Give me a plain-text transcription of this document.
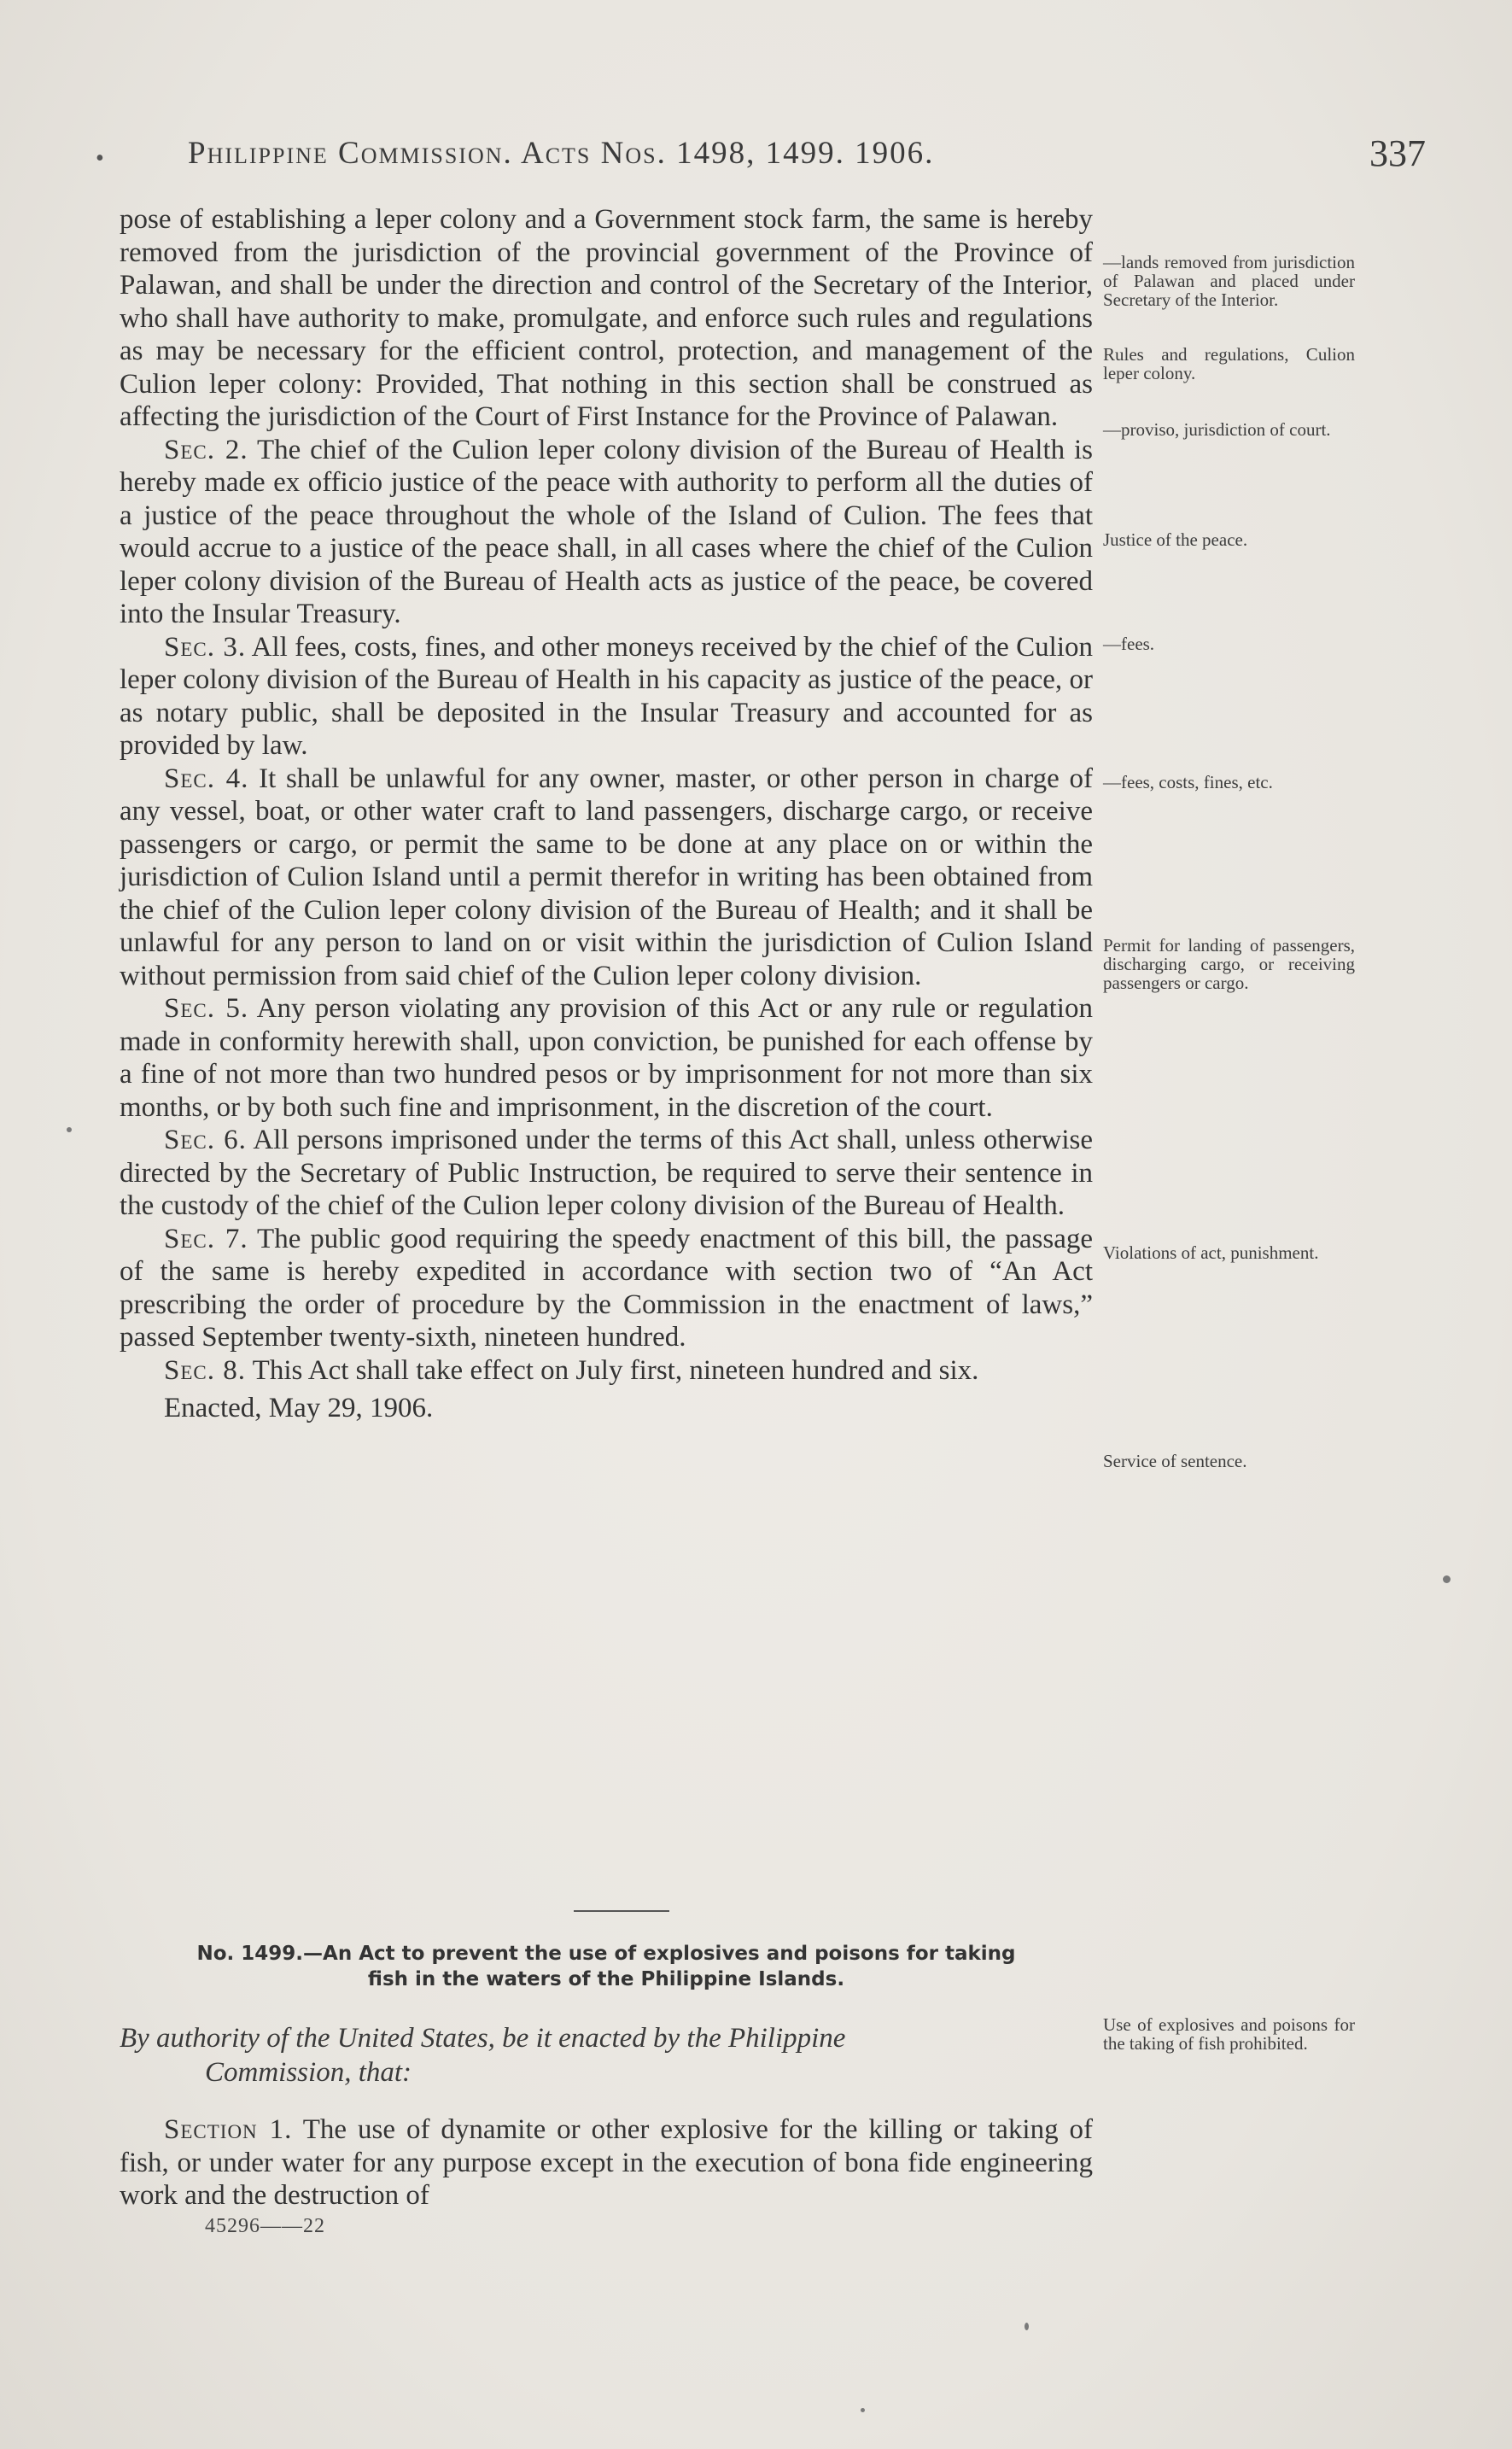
•	Philippine Commission. Acts Nos. 1498, 1499. 1906.	337

pose of establishing a leper colony and a Government stock farm, the same is hereby removed from the jurisdiction of the provincial government of the Province of Palawan, and shall be under the direction and control of the Secretary of the Interior, who shall have authority to make, promulgate, and enforce such rules and regulations as may be necessary for the efficient control, protection, and management of the Culion leper colony: Provided, That nothing in this section shall be construed as affecting the jurisdiction of the Court of First Instance for the Province of Palawan.

Sec. 2. The chief of the Culion leper colony division of the Bureau of Health is hereby made ex officio justice of the peace with authority to perform all the duties of a justice of the peace throughout the whole of the Island of Culion. The fees that would accrue to a justice of the peace shall, in all cases where the chief of the Culion leper colony division of the Bureau of Health acts as justice of the peace, be covered into the Insular Treasury.

Sec. 3. All fees, costs, fines, and other moneys received by the chief of the Culion leper colony division of the Bureau of Health in his capacity as justice of the peace, or as notary public, shall be deposited in the Insular Treasury and accounted for as provided by law.

Sec. 4. It shall be unlawful for any owner, master, or other person in charge of any vessel, boat, or other water craft to land passengers, discharge cargo, or receive passengers or cargo, or permit the same to be done at any place on or within the jurisdiction of Culion Island until a permit therefor in writing has been obtained from the chief of the Culion leper colony division of the Bureau of Health; and it shall be unlawful for any person to land on or visit within the jurisdiction of Culion Island without permission from said chief of the Culion leper colony division.

Sec. 5. Any person violating any provision of this Act or any rule or regulation made in conformity herewith shall, upon conviction, be punished for each offense by a fine of not more than two hundred pesos or by imprisonment for not more than six months, or by both such fine and imprisonment, in the discretion of the court.

Sec. 6. All persons imprisoned under the terms of this Act shall, unless otherwise directed by the Secretary of Public Instruction, be required to serve their sentence in the custody of the chief of the Culion leper colony division of the Bureau of Health.

Sec. 7. The public good requiring the speedy enactment of this bill, the passage of the same is hereby expedited in accordance with section two of “An Act prescribing the order of procedure by the Commission in the enactment of laws,” passed September twenty-sixth, nineteen hundred.

Sec. 8. This Act shall take effect on July first, nineteen hundred and six.

Enacted, May 29, 1906.

—lands removed from jurisdiction of Palawan and placed under Secretary of the Interior.
Rules and regulations, Culion leper colony.
—proviso, jurisdiction of court.
Justice of the peace.
—fees.
—fees, costs, fines, etc.
Permit for landing of passengers, discharging cargo, or receiving passengers or cargo.
Violations of act, punishment.
Service of sentence.
Use of explosives and poisons for the taking of fish prohibited.
No. 1499.—An Act to prevent the use of explosives and poisons for taking
fish in the waters of the Philippine Islands.
By authority of the United States, be it enacted by the Philippine
Commission, that:

Section 1. The use of dynamite or other explosive for the killing or taking of fish, or under water for any purpose except in the execution of bona fide engineering work and the destruction of

45296——22
